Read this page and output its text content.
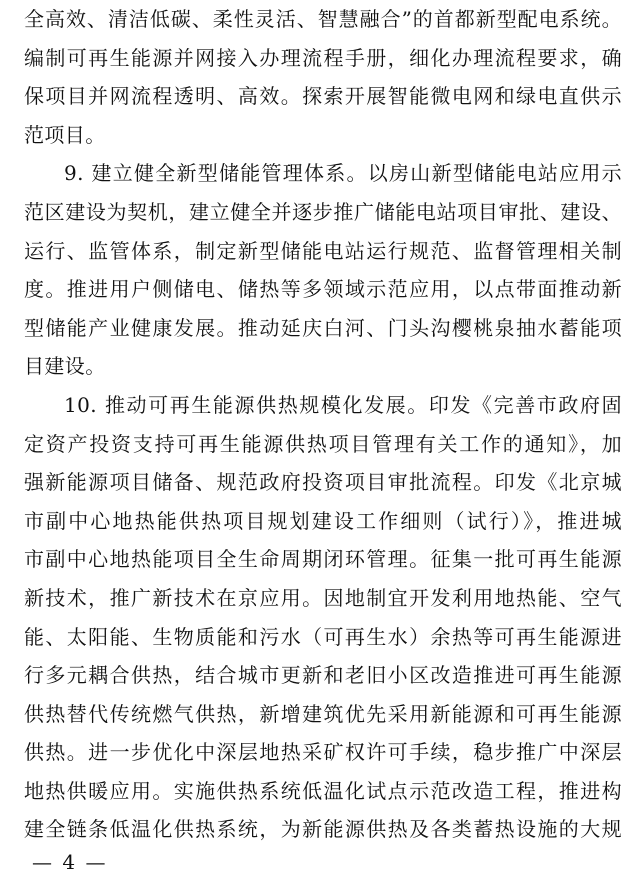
全高效、清洁低碳、柔性灵活、智慧融合”的首都新型配电系统。
编制可再生能源并网接入办理流程手册，细化办理流程要求，确
保项目并网流程透明、高效。探索开展智能微电网和绿电直供示
范项目。
9. 建立健全新型储能管理体系。以房山新型储能电站应用示
范区建设为契机，建立健全并逐步推广储能电站项目审批、建设、
运行、监管体系，制定新型储能电站运行规范、监督管理相关制
度。推进用户侧储电、储热等多领域示范应用，以点带面推动新
型储能产业健康发展。推动延庆白河、门头沟樱桃泉抽水蓄能项
目建设。
10. 推动可再生能源供热规模化发展。印发《完善市政府固
定资产投资支持可再生能源供热项目管理有关工作的通知》，加
强新能源项目储备、规范政府投资项目审批流程。印发《北京城
市副中心地热能供热项目规划建设工作细则（试行）》，推进城
市副中心地热能项目全生命周期闭环管理。征集一批可再生能源
新技术，推广新技术在京应用。因地制宜开发利用地热能、空气
能、太阳能、生物质能和污水（可再生水）余热等可再生能源进
行多元耦合供热，结合城市更新和老旧小区改造推进可再生能源
供热替代传统燃气供热，新增建筑优先采用新能源和可再生能源
供热。进一步优化中深层地热采矿权许可手续，稳步推广中深层
地热供暖应用。实施供热系统低温化试点示范改造工程，推进构
建全链条低温化供热系统，为新能源供热及各类蓄热设施的大规
— 4 —
